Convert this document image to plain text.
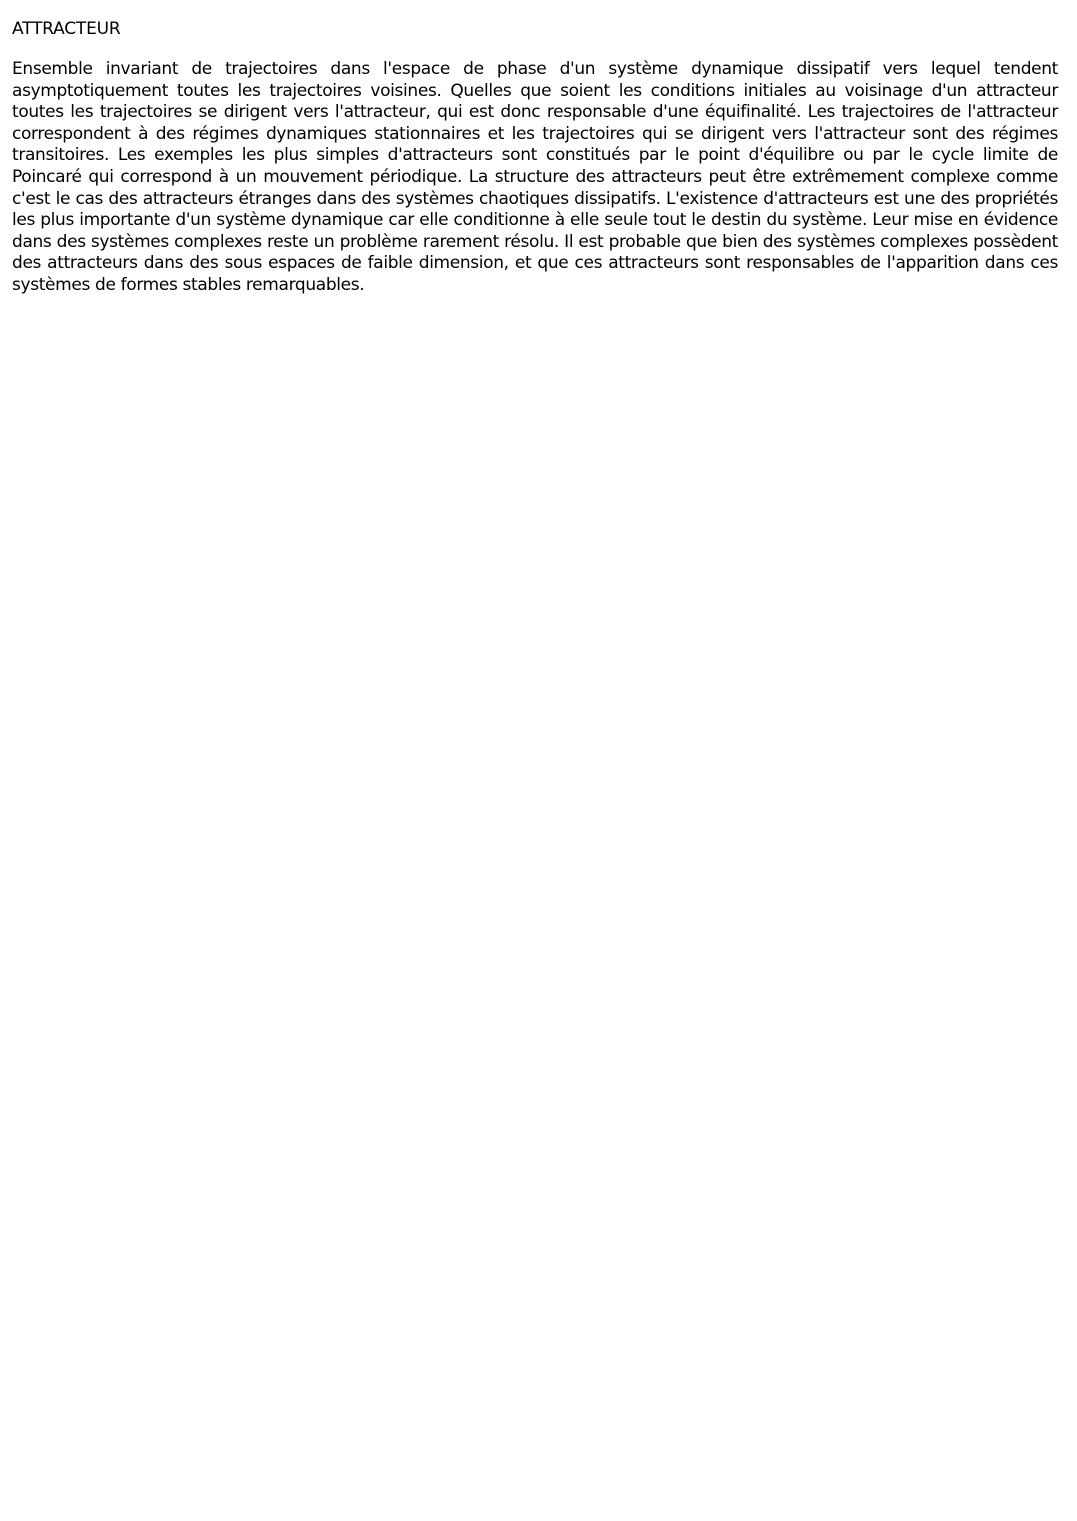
ATTRACTEUR

Ensemble invariant de trajectoires dans l'espace de phase d'un système dynamique dissipatif vers lequel tendent asymptotiquement toutes les trajectoires voisines. Quelles que soient les conditions initiales au voisinage d'un attracteur toutes les trajectoires se dirigent vers l'attracteur, qui est donc responsable d'une équifinalité. Les trajectoires de l'attracteur correspondent à des régimes dynamiques stationnaires et les trajectoires qui se dirigent vers l'attracteur sont des régimes transitoires. Les exemples les plus simples d'attracteurs sont constitués par le point d'équilibre ou par le cycle limite de Poincaré qui correspond à un mouvement périodique. La structure des attracteurs peut être extrêmement complexe comme c'est le cas des attracteurs étranges dans des systèmes chaotiques dissipatifs. L'existence d'attracteurs est une des propriétés les plus importante d'un système dynamique car elle conditionne à elle seule tout le destin du système. Leur mise en évidence dans des systèmes complexes reste un problème rarement résolu. Il est probable que bien des systèmes complexes possèdent des attracteurs dans des sous espaces de faible dimension, et que ces attracteurs sont responsables de l'apparition dans ces systèmes de formes stables remarquables.
